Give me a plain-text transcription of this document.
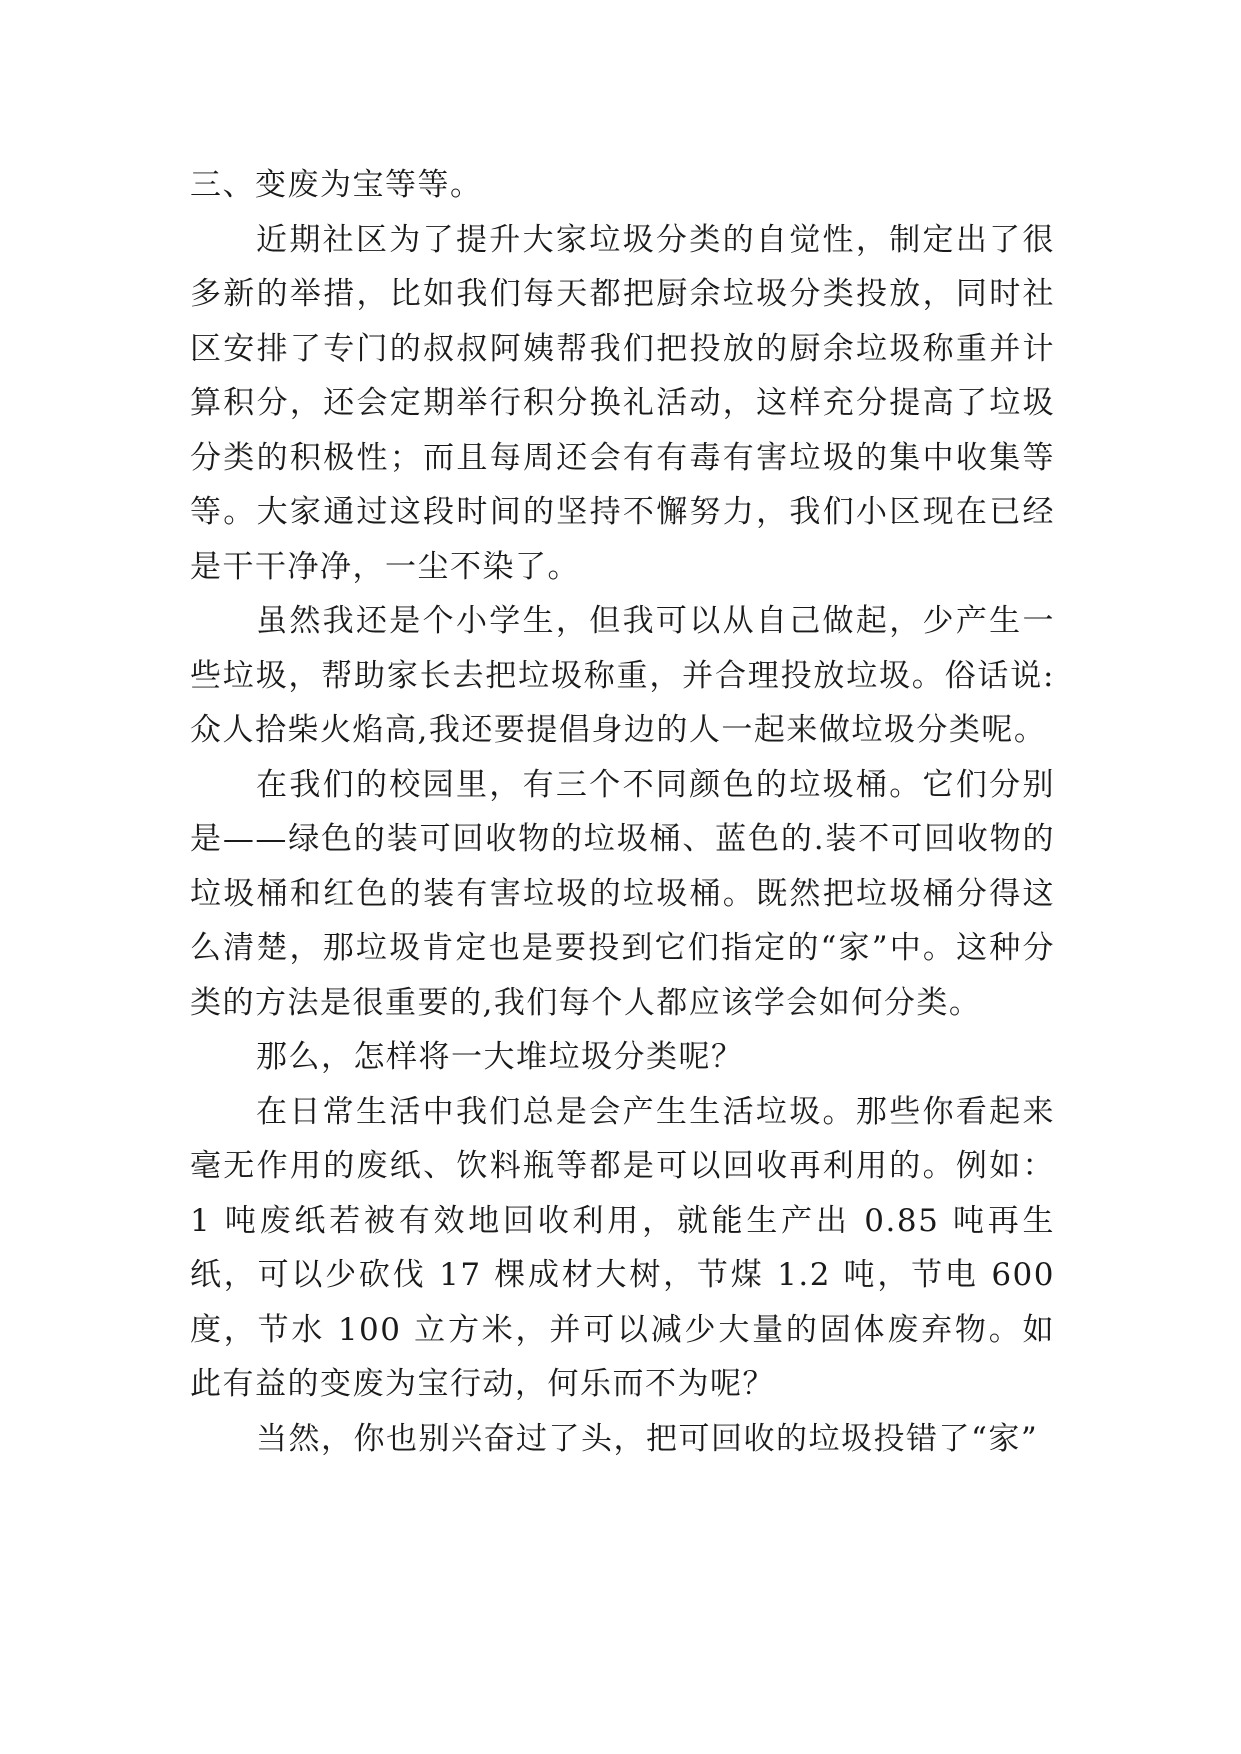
三、变废为宝等等。

近期社区为了提升大家垃圾分类的自觉性，制定出了很多新的举措，比如我们每天都把厨余垃圾分类投放，同时社区安排了专门的叔叔阿姨帮我们把投放的厨余垃圾称重并计算积分，还会定期举行积分换礼活动，这样充分提高了垃圾分类的积极性；而且每周还会有有毒有害垃圾的集中收集等等。大家通过这段时间的坚持不懈努力，我们小区现在已经是干干净净，一尘不染了。

虽然我还是个小学生，但我可以从自己做起，少产生一些垃圾，帮助家长去把垃圾称重，并合理投放垃圾。俗话说:众人拾柴火焰高,我还要提倡身边的人一起来做垃圾分类呢。

在我们的校园里，有三个不同颜色的垃圾桶。它们分别是——绿色的装可回收物的垃圾桶、蓝色的.装不可回收物的垃圾桶和红色的装有害垃圾的垃圾桶。既然把垃圾桶分得这么清楚，那垃圾肯定也是要投到它们指定的“家”中。这种分类的方法是很重要的,我们每个人都应该学会如何分类。

那么，怎样将一大堆垃圾分类呢？

在日常生活中我们总是会产生生活垃圾。那些你看起来毫无作用的废纸、饮料瓶等都是可以回收再利用的。例如：1 吨废纸若被有效地回收利用，就能生产出 0.85 吨再生纸，可以少砍伐 17 棵成材大树，节煤 1.2 吨，节电 600 度，节水 100 立方米，并可以减少大量的固体废弃物。如此有益的变废为宝行动，何乐而不为呢？

当然，你也别兴奋过了头，把可回收的垃圾投错了“家”
